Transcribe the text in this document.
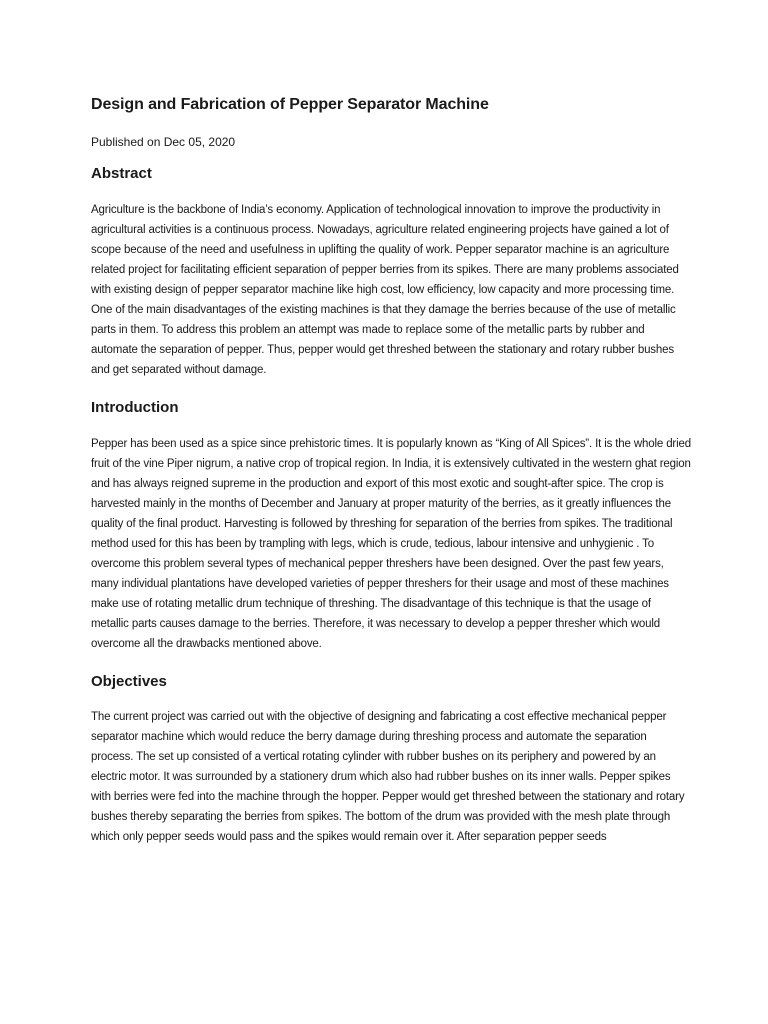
Design and Fabrication of Pepper Separator Machine

Published on Dec 05, 2020

Abstract

Agriculture is the backbone of India’s economy. Application of technological innovation to improve the productivity in agricultural activities is a continuous process. Nowadays, agriculture related engineering projects have gained a lot of scope because of the need and usefulness in uplifting the quality of work. Pepper separator machine is an agriculture related project for facilitating efficient separation of pepper berries from its spikes. There are many problems associated with existing design of pepper separator machine like high cost, low efficiency, low capacity and more processing time. One of the main disadvantages of the existing machines is that they damage the berries because of the use of metallic parts in them. To address this problem an attempt was made to replace some of the metallic parts by rubber and automate the separation of pepper. Thus, pepper would get threshed between the stationary and rotary rubber bushes and get separated without damage.

Introduction

Pepper has been used as a spice since prehistoric times. It is popularly known as “King of All Spices”. It is the whole dried fruit of the vine Piper nigrum, a native crop of tropical region. In India, it is extensively cultivated in the western ghat region and has always reigned supreme in the production and export of this most exotic and sought-after spice. The crop is harvested mainly in the months of December and January at proper maturity of the berries, as it greatly influences the quality of the final product. Harvesting is followed by threshing for separation of the berries from spikes. The traditional method used for this has been by trampling with legs, which is crude, tedious, labour intensive and unhygienic . To overcome this problem several types of mechanical pepper threshers have been designed. Over the past few years, many individual plantations have developed varieties of pepper threshers for their usage and most of these machines make use of rotating metallic drum technique of threshing. The disadvantage of this technique is that the usage of metallic parts causes damage to the berries. Therefore, it was necessary to develop a pepper thresher which would overcome all the drawbacks mentioned above.

Objectives

The current project was carried out with the objective of designing and fabricating a cost effective mechanical pepper separator machine which would reduce the berry damage during threshing process and automate the separation process. The set up consisted of a vertical rotating cylinder with rubber bushes on its periphery and powered by an electric motor. It was surrounded by a stationery drum which also had rubber bushes on its inner walls. Pepper spikes with berries were fed into the machine through the hopper. Pepper would get threshed between the stationary and rotary bushes thereby separating the berries from spikes. The bottom of the drum was provided with the mesh plate through which only pepper seeds would pass and the spikes would remain over it. After separation pepper seeds
